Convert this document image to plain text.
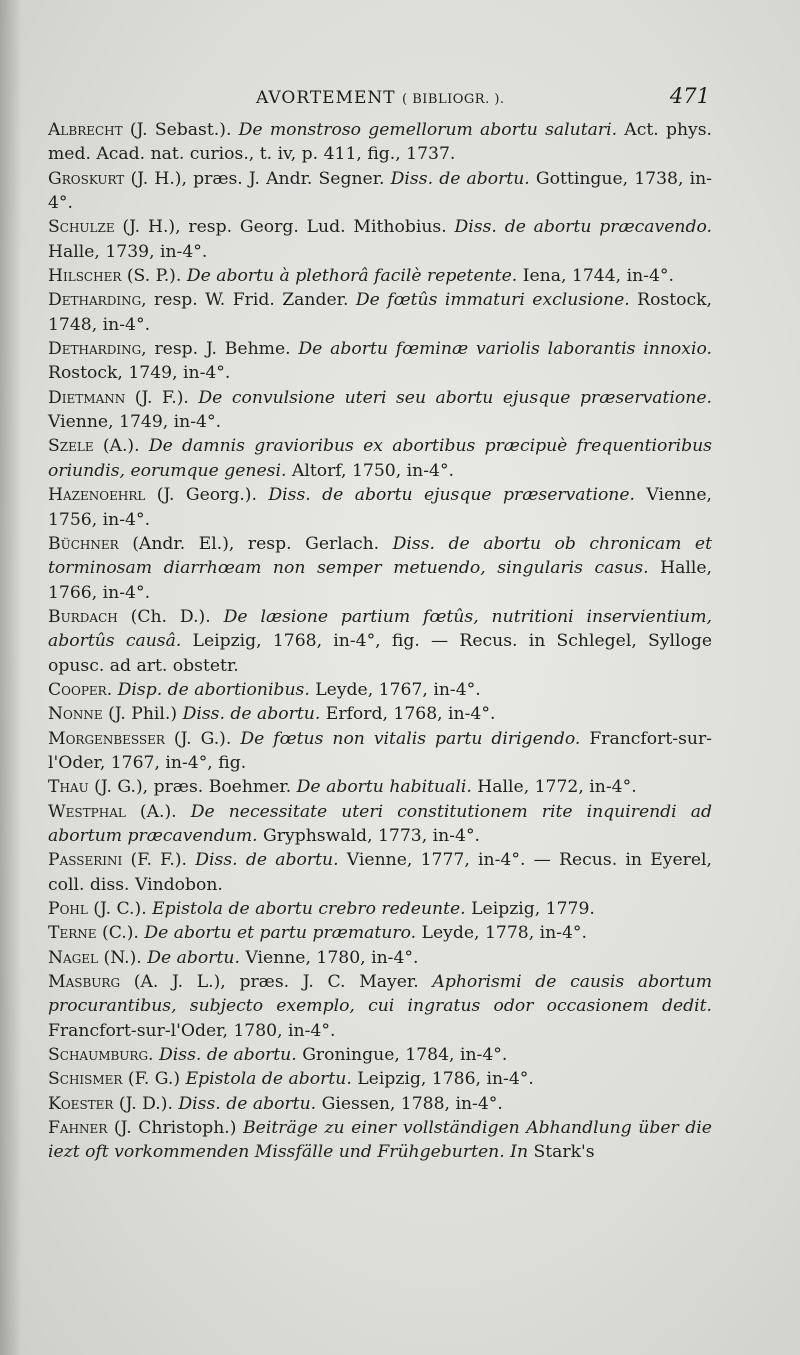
AVORTEMENT ( BIBLIOGR. ).	471

Albrecht (J. Sebast.). De monstroso gemellorum abortu salutari. Act. phys. med. Acad. nat. curios., t. iv, p. 411, fig., 1737.

Groskurt (J. H.), præs. J. Andr. Segner. Diss. de abortu. Gottingue, 1738, in-4°.

Schulze (J. H.), resp. Georg. Lud. Mithobius. Diss. de abortu præcavendo. Halle, 1739, in-4°.

Hilscher (S. P.). De abortu à plethorâ facilè repetente. Iena, 1744, in-4°.

Detharding, resp. W. Frid. Zander. De fœtûs immaturi exclusione. Rostock, 1748, in-4°.

Detharding, resp. J. Behme. De abortu fœminæ variolis laborantis innoxio. Rostock, 1749, in-4°.

Dietmann (J. F.). De convulsione uteri seu abortu ejusque præservatione. Vienne, 1749, in-4°.

Szele (A.). De damnis gravioribus ex abortibus præcipuè frequentioribus oriundis, eorumque genesi. Altorf, 1750, in-4°.

Hazenoehrl (J. Georg.). Diss. de abortu ejusque præservatione. Vienne, 1756, in-4°.

Büchner (Andr. El.), resp. Gerlach. Diss. de abortu ob chronicam et torminosam diarrhœam non semper metuendo, singularis casus. Halle, 1766, in-4°.

Burdach (Ch. D.). De læsione partium fœtûs, nutritioni inservientium, abortûs causâ. Leipzig, 1768, in-4°, fig. — Recus. in Schlegel, Sylloge opusc. ad art. obstetr.

Cooper. Disp. de abortionibus. Leyde, 1767, in-4°.

Nonne (J. Phil.) Diss. de abortu. Erford, 1768, in-4°.

Morgenbesser (J. G.). De fœtus non vitalis partu dirigendo. Francfort-sur-l'Oder, 1767, in-4°, fig.

Thau (J. G.), præs. Boehmer. De abortu habituali. Halle, 1772, in-4°.

Westphal (A.). De necessitate uteri constitutionem rite inquirendi ad abortum præcavendum. Gryphswald, 1773, in-4°.

Passerini (F. F.). Diss. de abortu. Vienne, 1777, in-4°. — Recus. in Eyerel, coll. diss. Vindobon.

Pohl (J. C.). Epistola de abortu crebro redeunte. Leipzig, 1779.

Terne (C.). De abortu et partu præmaturo. Leyde, 1778, in-4°.

Nagel (N.). De abortu. Vienne, 1780, in-4°.

Masburg (A. J. L.), præs. J. C. Mayer. Aphorismi de causis abortum procurantibus, subjecto exemplo, cui ingratus odor occasionem dedit. Francfort-sur-l'Oder, 1780, in-4°.

Schaumburg. Diss. de abortu. Groningue, 1784, in-4°.

Schismer (F. G.) Epistola de abortu. Leipzig, 1786, in-4°.

Koester (J. D.). Diss. de abortu. Giessen, 1788, in-4°.

Fahner (J. Christoph.) Beiträge zu einer vollständigen Abhandlung über die iezt oft vorkommenden Missfälle und Frühgeburten. In Stark's
